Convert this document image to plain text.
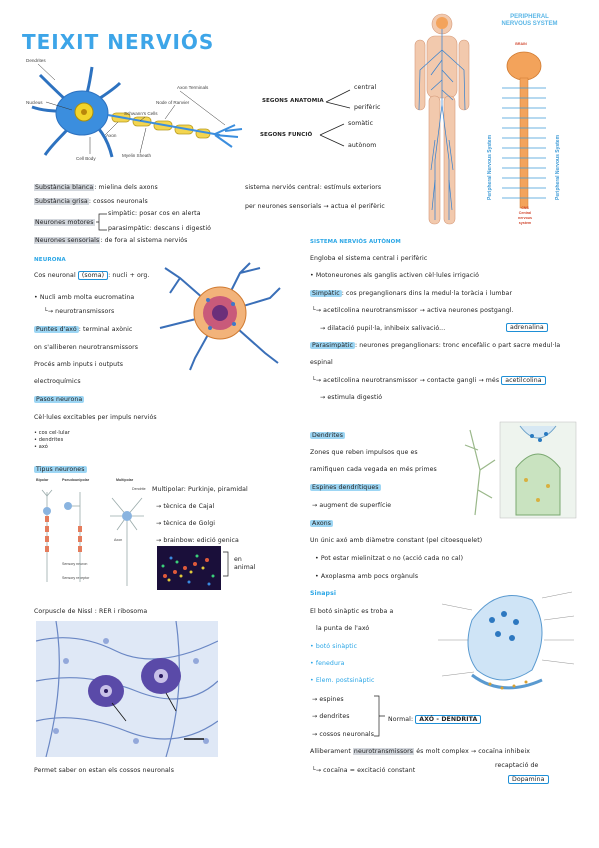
TEIXIT NERVIÓS
Dendrites
Nucleus
Axon
Cell Body
Axon Terminals
Node of Ranvier
Schwann's Cells
Myelin Sheath
SEGONS ANATOMIA
central
perifèric
SEGONS FUNCIÓ
somàtic
autònom
PERIPHERAL
NERVOUS SYSTEM
BRAIN
Peripheral Nervous System	Peripheral Nervous System
CNS
Central
nervous
system
Substància blanca: mielina dels axons
Substància grisa: cossos neuronals
Neurones motores
simpàtic: posar cos en alerta
parasimpàtic: descans i digestió
Neurones sensorials: de fora al sistema nerviós
NEURONA
Cos neuronal (soma) : nucli + org.
• Nucli amb molta eucromatina
└→ neurotransmissors
Puntes d'axó : terminal axònic
on s'alliberen neurotransmissors
Procés amb inputs i outputs
electroquímics
Pasos neurona
Cèl·lules excitables per impuls nerviós
• cos cel·lular
• dendrites
• axó
Tipus neurones
Bipolar	Pseudounipolar	Multipolar
Dendrite
Axon
Sensory neuron
Sensory receptor
Multipolar: Purkinje, piramidal
→ tècnica de Cajal
→ tècnica de Golgi
→ brainbow: edició genica
en
animal
Corpuscle de Nissl : RER i ribosoma
Permet saber on estan els cossos neuronals
sistema nerviós central: estímuls exteriors
per neurones sensorials → actua el perifèric
SISTEMA NERVIÓS AUTÒNOM
Engloba el sistema central i perifèric
• Motoneurones als ganglis activen cèl·lules irrigació
Simpàtic : cos preganglionars dins la medul·la toràcia i lumbar
└→ acetilcolina neurotransmissor → activa neurones postgangl.
→ dilatació pupil·la, inhibeix salivació...	adrenalina
Parasimpàtic : neurones preganglionars: tronc encefàlic o part sacre medul·la
espinal
└→ acetilcolina neurotransmissor → contacte gangli → més acetilcolina
→ estimula digestió
Dendrites
Zones que reben impulsos que es
ramifiquen cada vegada en més primes
Espines dendrítiques
→ augment de superfície
Axons
Un únic axó amb diàmetre constant (pel citoesquelet)
• Pot estar mielinitzat o no (acció cada no cal)
• Axoplasma amb pocs orgànuls
Sinapsi
El botó sinàptic es troba a
la punta de l'axó
• botó sinàptic
• fenedura
• Elem. postsinàptic
→ espines
→ dendrites
→ cossos neuronals
Normal: AXÓ - DENDRITA
Alliberament neurotransmissors és molt complex → cocaïna inhibeix
recaptació de
└→ cocaïna = excitació constant
Dopamina
